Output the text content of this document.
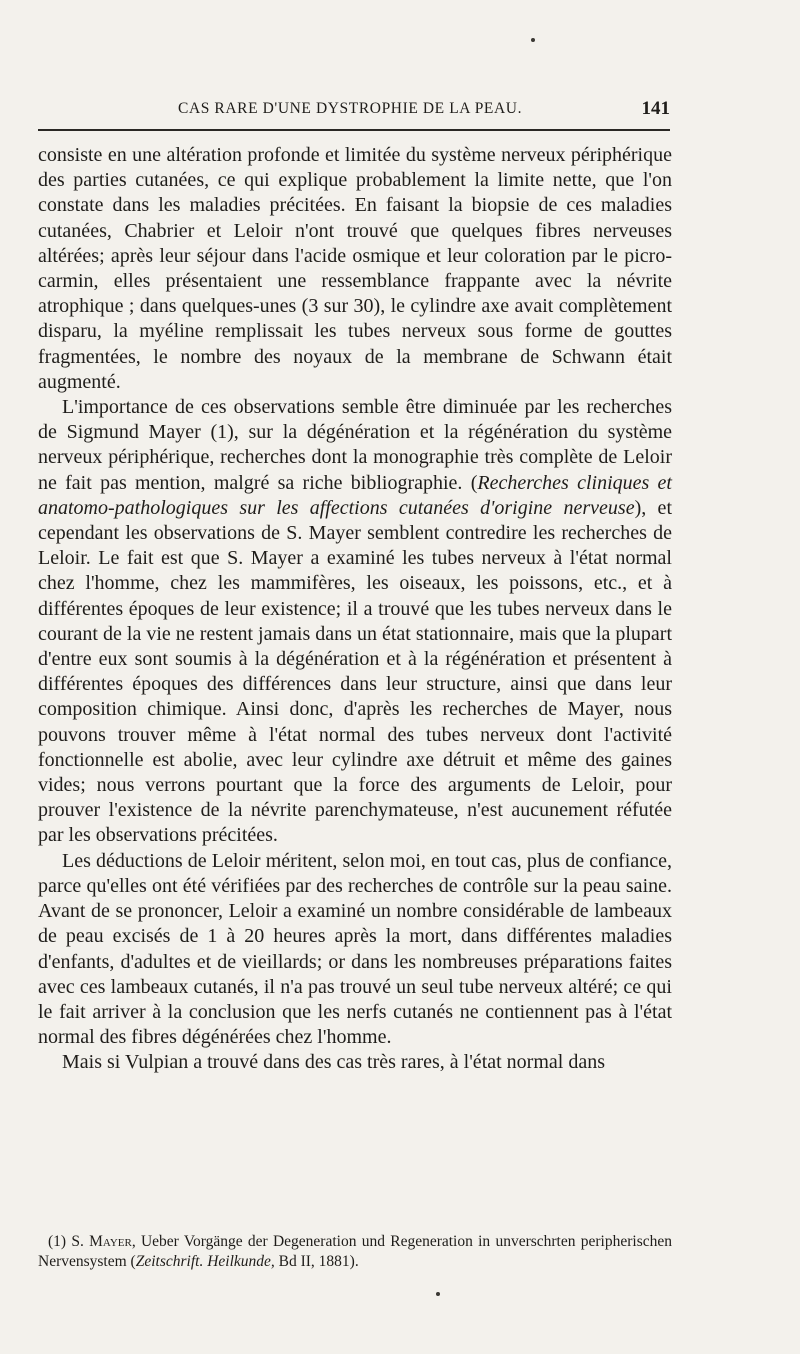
CAS RARE D'UNE DYSTROPHIE DE LA PEAU.	141

consiste en une altération profonde et limitée du système nerveux périphérique des parties cutanées, ce qui explique probablement la limite nette, que l'on constate dans les maladies précitées. En faisant la biopsie de ces maladies cutanées, Chabrier et Leloir n'ont trouvé que quelques fibres nerveuses altérées; après leur séjour dans l'acide osmique et leur coloration par le picro-carmin, elles présentaient une ressemblance frappante avec la névrite atrophique ; dans quelques-unes (3 sur 30), le cylindre axe avait complètement disparu, la myéline remplissait les tubes nerveux sous forme de gouttes fragmentées, le nombre des noyaux de la membrane de Schwann était augmenté.

L'importance de ces observations semble être diminuée par les recherches de Sigmund Mayer (1), sur la dégénération et la régénération du système nerveux périphérique, recherches dont la monographie très complète de Leloir ne fait pas mention, malgré sa riche bibliographie. (Recherches cliniques et anatomo-pathologiques sur les affections cutanées d'origine nerveuse), et cependant les observations de S. Mayer semblent contredire les recherches de Leloir. Le fait est que S. Mayer a examiné les tubes nerveux à l'état normal chez l'homme, chez les mammifères, les oiseaux, les poissons, etc., et à différentes époques de leur existence; il a trouvé que les tubes nerveux dans le courant de la vie ne restent jamais dans un état stationnaire, mais que la plupart d'entre eux sont soumis à la dégénération et à la régénération et présentent à différentes époques des différences dans leur structure, ainsi que dans leur composition chimique. Ainsi donc, d'après les recherches de Mayer, nous pouvons trouver même à l'état normal des tubes nerveux dont l'activité fonctionnelle est abolie, avec leur cylindre axe détruit et même des gaines vides; nous verrons pourtant que la force des arguments de Leloir, pour prouver l'existence de la névrite parenchymateuse, n'est aucunement réfutée par les observations précitées.

Les déductions de Leloir méritent, selon moi, en tout cas, plus de confiance, parce qu'elles ont été vérifiées par des recherches de contrôle sur la peau saine. Avant de se prononcer, Leloir a examiné un nombre considérable de lambeaux de peau excisés de 1 à 20 heures après la mort, dans différentes maladies d'enfants, d'adultes et de vieillards; or dans les nombreuses préparations faites avec ces lambeaux cutanés, il n'a pas trouvé un seul tube nerveux altéré; ce qui le fait arriver à la conclusion que les nerfs cutanés ne contiennent pas à l'état normal des fibres dégénérées chez l'homme.

Mais si Vulpian a trouvé dans des cas très rares, à l'état normal dans

(1) S. Mayer, Ueber Vorgänge der Degeneration und Regeneration in unverschrten peripherischen Nervensystem (Zeitschrift. Heilkunde, Bd II, 1881).
